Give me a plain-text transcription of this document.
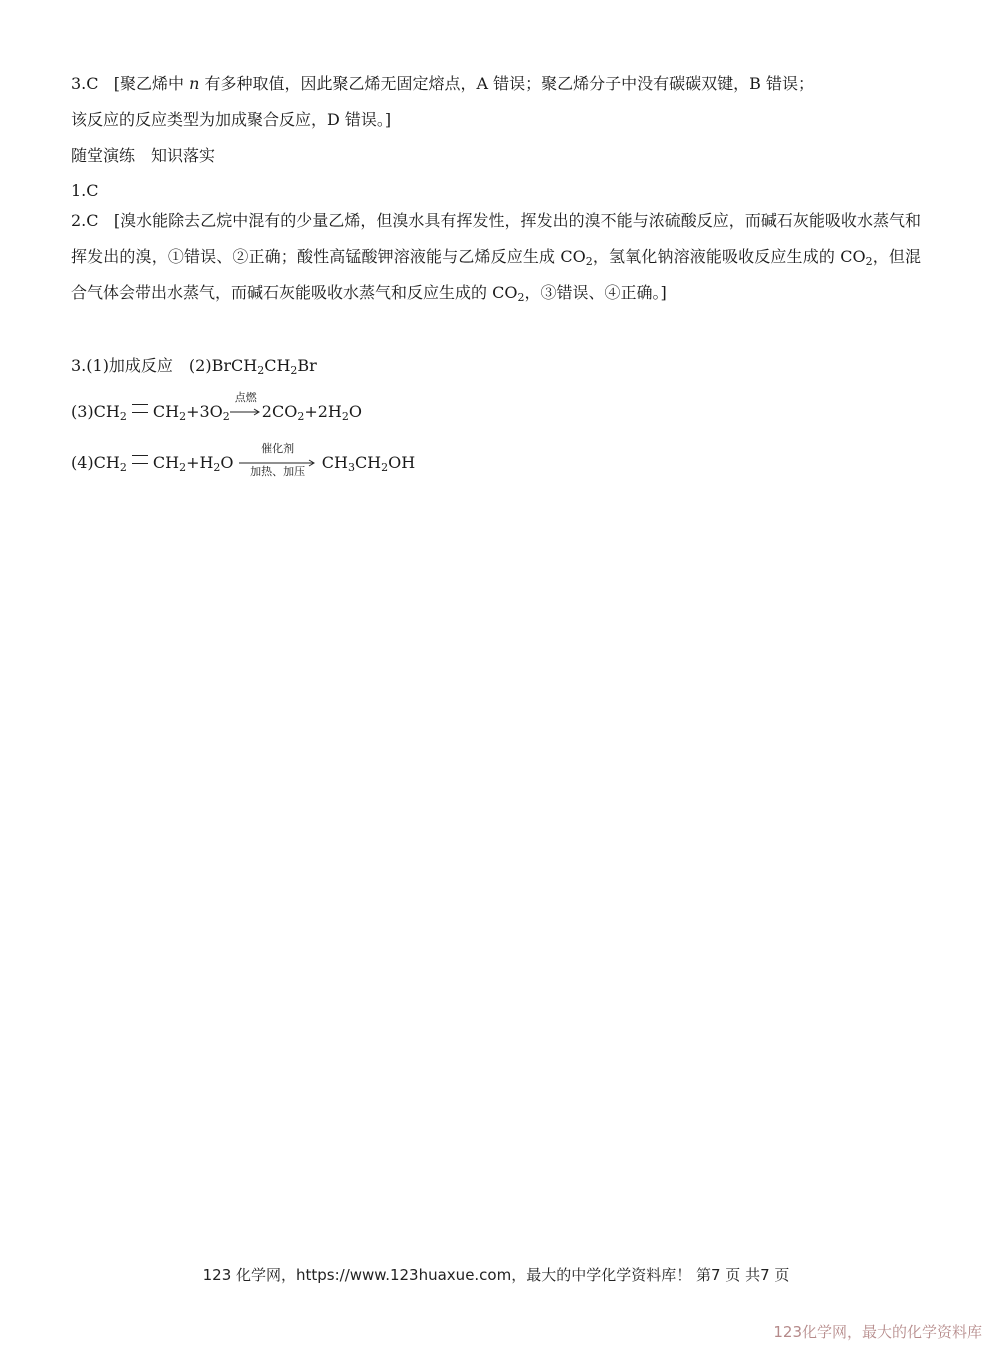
3.C [聚乙烯中 n 有多种取值，因此聚乙烯无固定熔点，A 错误；聚乙烯分子中没有碳碳双键，B 错误；
该反应的反应类型为加成聚合反应，D 错误。]
随堂演练　知识落实
1.C
2.C [溴水能除去乙烷中混有的少量乙烯，但溴水具有挥发性，挥发出的溴不能与浓硫酸反应，而碱石灰能吸收水蒸气和挥发出的溴，①错误、②正确；酸性高锰酸钾溶液能与乙烯反应生成 $CO_2$，氢氧化钠溶液能吸收反应生成的 $CO_2$，但混合气体会带出水蒸气，而碱石灰能吸收水蒸气和反应生成的 $CO_2$，③错误、④正确。]
3.(1)加成反应　$(2)BrCH_2CH_2Br$
$(3)CH_2$ $CH_2+3O_2$
点燃
$2CO_2+2H_2O$
$(4)CH_2$ $CH_2+H_2O$
催化剂
加热、加压	$CH_3CH_2OH$
123 化学网，https://www.123huaxue.com，最大的中学化学资料库！ 第7 页 共7 页
123化学网，最大的化学资料库
